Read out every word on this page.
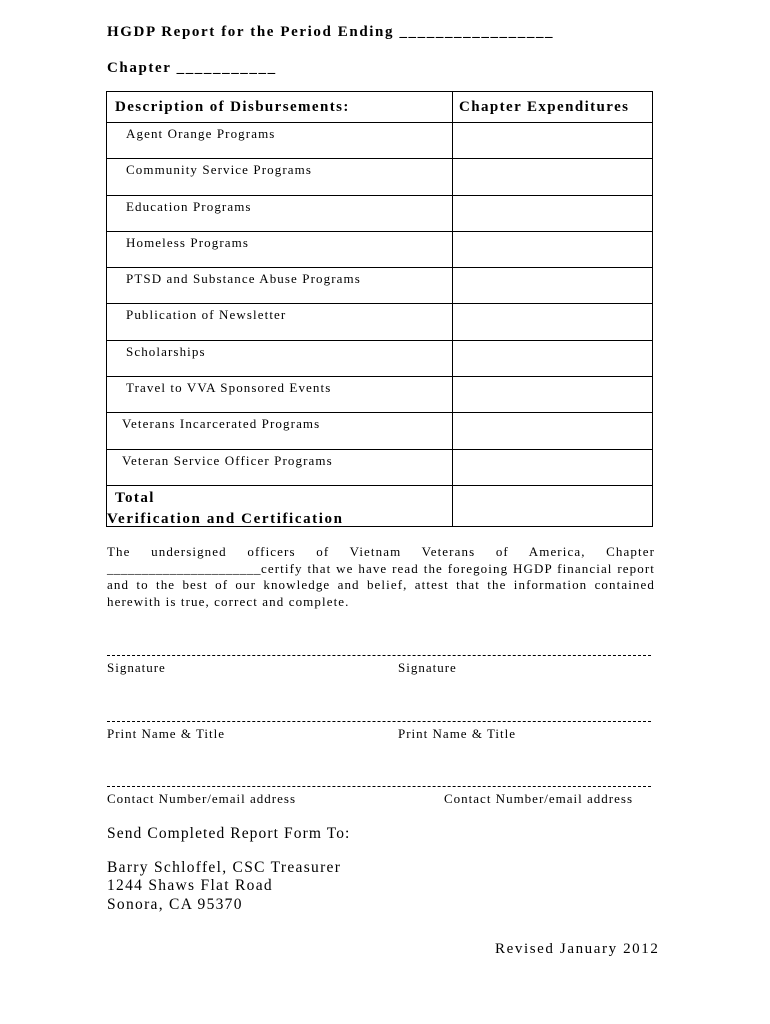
HGDP Report for the Period Ending _________________
Chapter ___________
Description of Disbursements:	Chapter Expenditures
Agent Orange Programs	
Community Service Programs	
Education Programs	
Homeless Programs	
PTSD and Substance Abuse Programs	
Publication of Newsletter	
Scholarships	
Travel to VVA Sponsored Events	
Veterans Incarcerated Programs	
Veteran Service Officer Programs	
Total	
Verification and Certification
The undersigned officers of Vietnam Veterans of America, Chapter ______________________certify that we have read the foregoing HGDP financial report and to the best of our knowledge and belief, attest that the information contained herewith is true, correct and complete.
Signature	Signature
Print Name & Title	Print Name & Title
Contact Number/email address	Contact Number/email address
Send Completed Report Form To:
Barry Schloffel, CSC Treasurer
1244 Shaws Flat Road
Sonora, CA 95370
Revised January 2012
